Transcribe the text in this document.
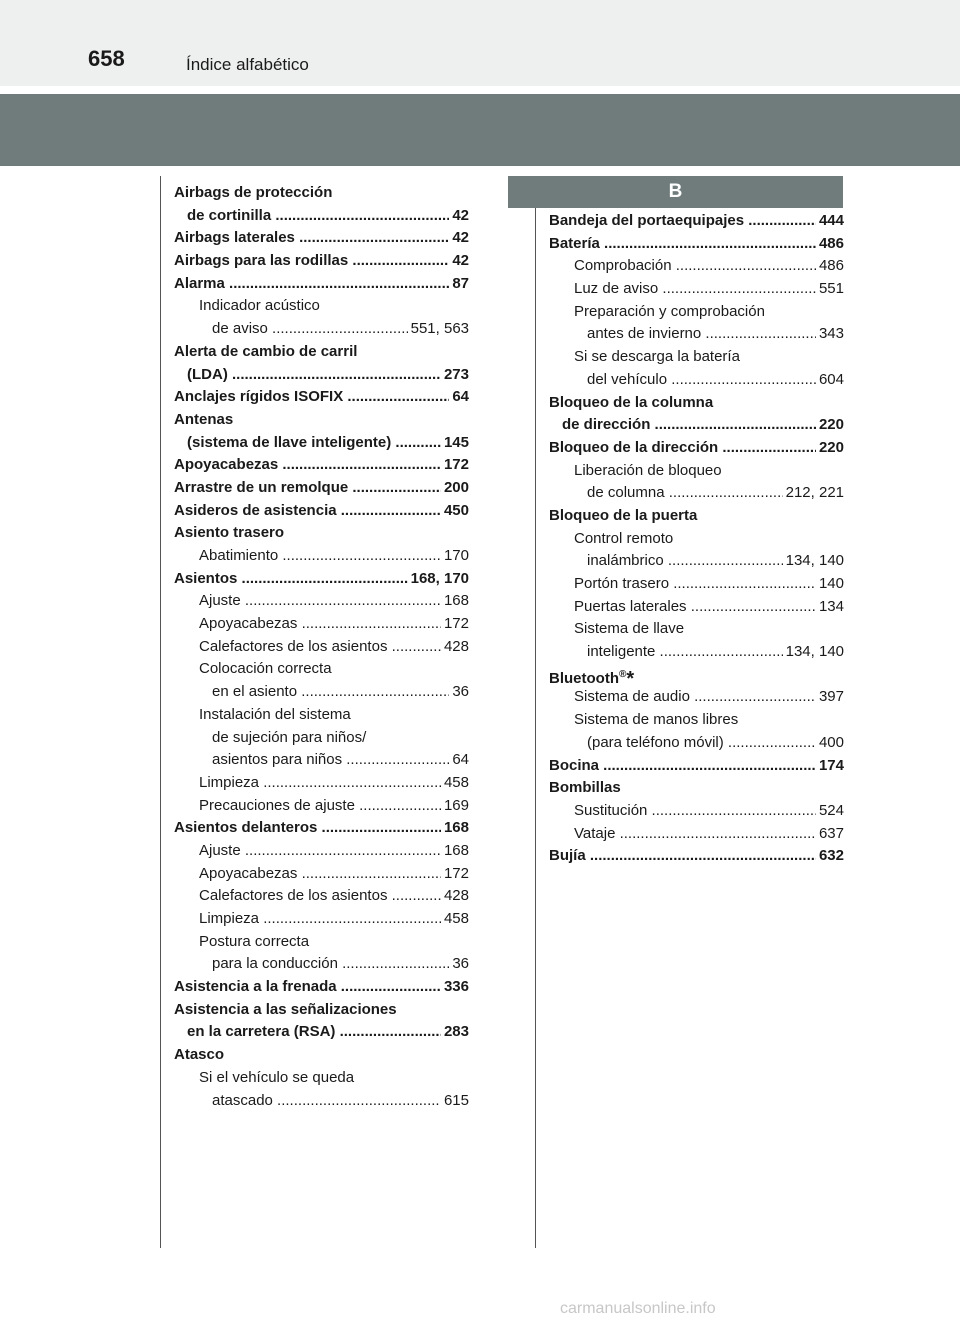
658	Índice alfabético
Airbags de protección
de cortinilla .....	42
Airbags laterales .....	42
Airbags para las rodillas .....	42
Alarma .....	87
Indicador acústico
de aviso .....	551, 563
Alerta de cambio de carril
(LDA) .....	273
Anclajes rígidos ISOFIX .....	64
Antenas
(sistema de llave inteligente) .....	145
Apoyacabezas .....	172
Arrastre de un remolque .....	200
Asideros de asistencia .....	450
Asiento trasero
Abatimiento .....	170
Asientos .....	168, 170
Ajuste .....	168
Apoyacabezas .....	172
Calefactores de los asientos .....	428
Colocación correcta
en el asiento .....	36
Instalación del sistema
de sujeción para niños/
asientos para niños .....	64
Limpieza .....	458
Precauciones de ajuste .....	169
Asientos delanteros .....	168
Ajuste .....	168
Apoyacabezas .....	172
Calefactores de los asientos .....	428
Limpieza .....	458
Postura correcta
para la conducción .....	36
Asistencia a la frenada .....	336
Asistencia a las señalizaciones
en la carretera (RSA) .....	283
Atasco
Si el vehículo se queda
atascado .....	615
B
Bandeja del portaequipajes .....	444
Batería .....	486
Comprobación .....	486
Luz de aviso .....	551
Preparación y comprobación
antes de invierno .....	343
Si se descarga la batería
del vehículo .....	604
Bloqueo de la columna
de dirección .....	220
Bloqueo de la dirección .....	220
Liberación de bloqueo
de columna .....	212, 221
Bloqueo de la puerta
Control remoto
inalámbrico .....	134, 140
Portón trasero .....	140
Puertas laterales .....	134
Sistema de llave
inteligente .....	134, 140
Bluetooth®*
Sistema de audio .....	397
Sistema de manos libres
(para teléfono móvil) .....	400
Bocina .....	174
Bombillas
Sustitución .....	524
Vataje .....	637
Bujía .....	632
carmanualsonline.info
